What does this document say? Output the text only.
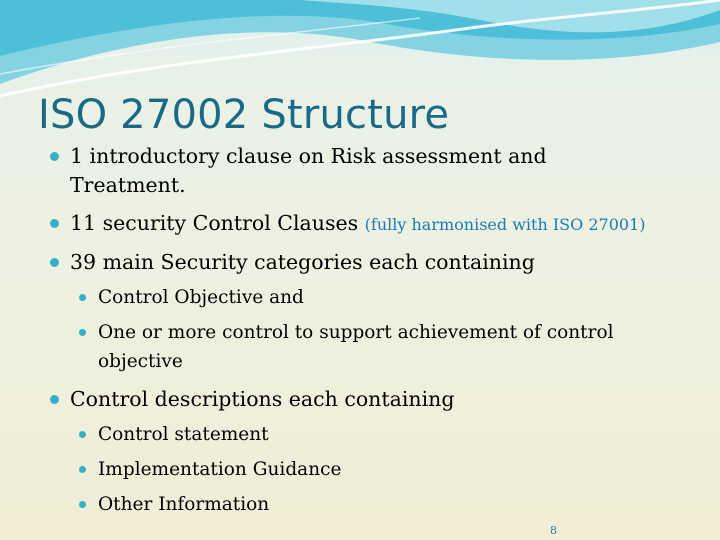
ISO 27002 Structure
1 introductory clause on Risk assessment and Treatment.
11 security Control Clauses (fully harmonised with ISO 27001)
39 main Security categories each containing
Control Objective and
One or more control to support achievement of control objective
Control descriptions each containing
Control statement
Implementation Guidance
Other Information
8
